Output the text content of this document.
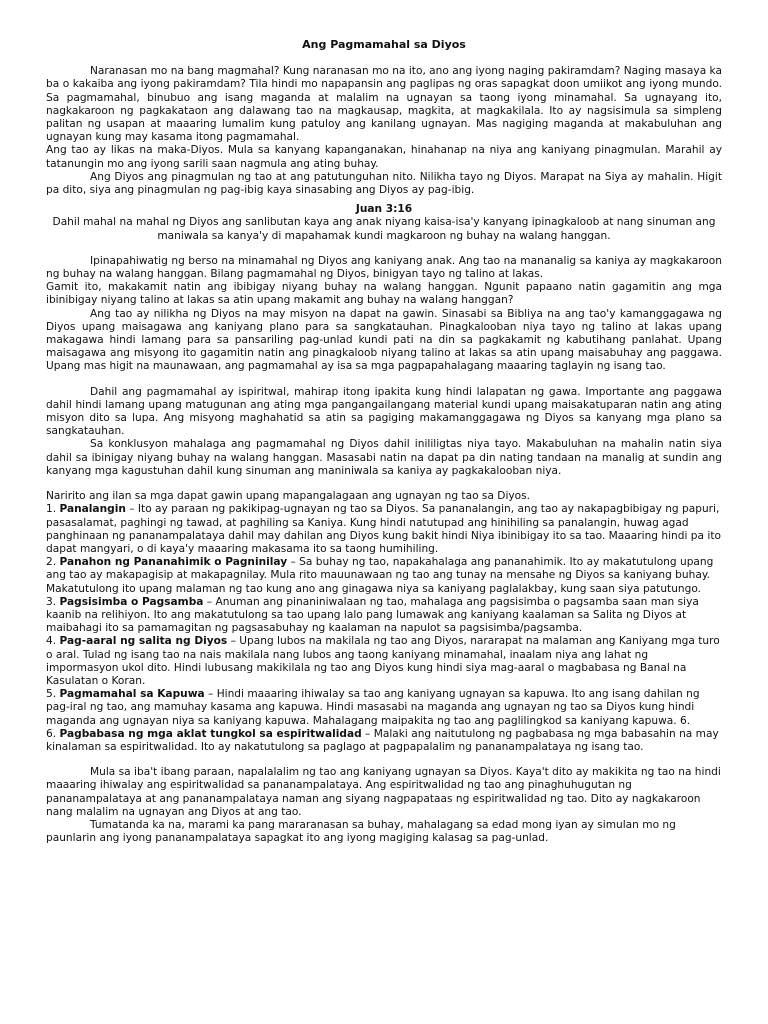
Ang Pagmamahal sa Diyos

Naranasan mo na bang magmahal? Kung naranasan mo na ito, ano ang iyong naging pakiramdam? Naging masaya ka ba o kakaiba ang iyong pakiramdam? Tila hindi mo napapansin ang paglipas ng oras sapagkat doon umiikot ang iyong mundo. Sa pagmamahal, binubuo ang isang maganda at malalim na ugnayan sa taong iyong minamahal. Sa ugnayang ito, nagkakaroon ng pagkakataon ang dalawang tao na magkausap, magkita, at magkakilala. Ito ay nagsisimula sa simpleng palitan ng usapan at maaaring lumalim kung patuloy ang kanilang ugnayan. Mas nagiging maganda at makabuluhan ang ugnayan kung may kasama itong pagmamahal.

Ang tao ay likas na maka-Diyos. Mula sa kanyang kapanganakan, hinahanap na niya ang kaniyang pinagmulan. Marahil ay tatanungin mo ang iyong sarili saan nagmula ang ating buhay.

Ang Diyos ang pinagmulan ng tao at ang patutunguhan nito. Nilikha tayo ng Diyos. Marapat na Siya ay mahalin. Higit pa dito, siya ang pinagmulan ng pag-ibig kaya sinasabing ang Diyos ay pag-ibig.

Juan 3:16

Dahil mahal na mahal ng Diyos ang sanlibutan kaya ang anak niyang kaisa-isa'y kanyang ipinagkaloob at nang sinuman ang maniwala sa kanya'y di mapahamak kundi magkaroon ng buhay na walang hanggan.

Ipinapahiwatig ng berso na minamahal ng Diyos ang kaniyang anak. Ang tao na mananalig sa kaniya ay magkakaroon ng buhay na walang hanggan. Bilang pagmamahal ng Diyos, binigyan tayo ng talino at lakas.

Gamit ito, makakamit natin ang ibibigay niyang buhay na walang hanggan. Ngunit papaano natin gagamitin ang mga ibinibigay niyang talino at lakas sa atin upang makamit ang buhay na walang hanggan?

Ang tao ay nilikha ng Diyos na may misyon na dapat na gawin. Sinasabi sa Bibliya na ang tao'y kamanggagawa ng Diyos upang maisagawa ang kaniyang plano para sa sangkatauhan. Pinagkalooban niya tayo ng talino at lakas upang makagawa hindi lamang para sa pansariling pag-unlad kundi pati na din sa pagkakamit ng kabutihang panlahat. Upang maisagawa ang misyong ito gagamitin natin ang pinagkaloob niyang talino at lakas sa atin upang maisabuhay ang paggawa. Upang mas higit na maunawaan, ang pagmamahal ay isa sa mga pagpapahalagang maaaring taglayin ng isang tao.

Dahil ang pagmamahal ay ispiritwal, mahirap itong ipakita kung hindi lalapatan ng gawa. Importante ang paggawa dahil hindi lamang upang matugunan ang ating mga pangangailangang material kundi upang maisakatuparan natin ang ating misyon dito sa lupa. Ang misyong maghahatid sa atin sa pagiging makamanggagawa ng Diyos sa kanyang mga plano sa sangkatauhan.

Sa konklusyon mahalaga ang pagmamahal ng Diyos dahil inililigtas niya tayo. Makabuluhan na mahalin natin siya dahil sa ibinigay niyang buhay na walang hanggan. Masasabi natin na dapat pa din nating tandaan na manalig at sundin ang kanyang mga kagustuhan dahil kung sinuman ang maniniwala sa kaniya ay pagkakalooban niya.

Naririto ang ilan sa mga dapat gawin upang mapangalagaan ang ugnayan ng tao sa Diyos.

1. Panalangin – Ito ay paraan ng pakikipag-ugnayan ng tao sa Diyos. Sa pananalangin, ang tao ay nakapagbibigay ng papuri, pasasalamat, paghingi ng tawad, at paghiling sa Kaniya. Kung hindi natutupad ang hinihiling sa panalangin, huwag agad panghinaan ng pananampalataya dahil may dahilan ang Diyos kung bakit hindi Niya ibinibigay ito sa tao. Maaaring hindi pa ito dapat mangyari, o di kaya'y maaaring makasama ito sa taong humihiling.

2. Panahon ng Pananahimik o Pagninilay – Sa buhay ng tao, napakahalaga ang pananahimik. Ito ay makatutulong upang ang tao ay makapagisip at makapagnilay. Mula rito mauunawaan ng tao ang tunay na mensahe ng Diyos sa kaniyang buhay. Makatutulong ito upang malaman ng tao kung ano ang ginagawa niya sa kaniyang paglalakbay, kung saan siya patutungo.

3. Pagsisimba o Pagsamba – Anuman ang pinaniniwalaan ng tao, mahalaga ang pagsisimba o pagsamba saan man siya kaanib na relihiyon. Ito ang makatutulong sa tao upang lalo pang lumawak ang kaniyang kaalaman sa Salita ng Diyos at maibahagi ito sa pamamagitan ng pagsasabuhay ng kaalaman na napulot sa pagsisimba/pagsamba.

4. Pag-aaral ng salita ng Diyos – Upang lubos na makilala ng tao ang Diyos, nararapat na malaman ang Kaniyang mga turo o aral. Tulad ng isang tao na nais makilala nang lubos ang taong kaniyang minamahal, inaalam niya ang lahat ng impormasyon ukol dito. Hindi lubusang makikilala ng tao ang Diyos kung hindi siya mag-aaral o magbabasa ng Banal na Kasulatan o Koran.

5. Pagmamahal sa Kapuwa – Hindi maaaring ihiwalay sa tao ang kaniyang ugnayan sa kapuwa. Ito ang isang dahilan ng pag-iral ng tao, ang mamuhay kasama ang kapuwa. Hindi masasabi na maganda ang ugnayan ng tao sa Diyos kung hindi maganda ang ugnayan niya sa kaniyang kapuwa. Mahalagang maipakita ng tao ang paglilingkod sa kaniyang kapuwa. 6.

6. Pagbabasa ng mga aklat tungkol sa espiritwalidad – Malaki ang naitutulong ng pagbabasa ng mga babasahin na may kinalaman sa espiritwalidad. Ito ay nakatutulong sa paglago at pagpapalalim ng pananampalataya ng isang tao.

Mula sa iba't ibang paraan, napalalalim ng tao ang kaniyang ugnayan sa Diyos. Kaya't dito ay makikita ng tao na hindi maaaring ihiwalay ang espiritwalidad sa pananampalataya. Ang espiritwalidad ng tao ang pinaghuhugutan ng pananampalataya at ang pananampalataya naman ang siyang nagpapataas ng espiritwalidad ng tao. Dito ay nagkakaroon nang malalim na ugnayan ang Diyos at ang tao.

Tumatanda ka na, marami ka pang mararanasan sa buhay, mahalagang sa edad mong iyan ay simulan mo ng paunlarin ang iyong pananampalataya sapagkat ito ang iyong magiging kalasag sa pag-unlad.
